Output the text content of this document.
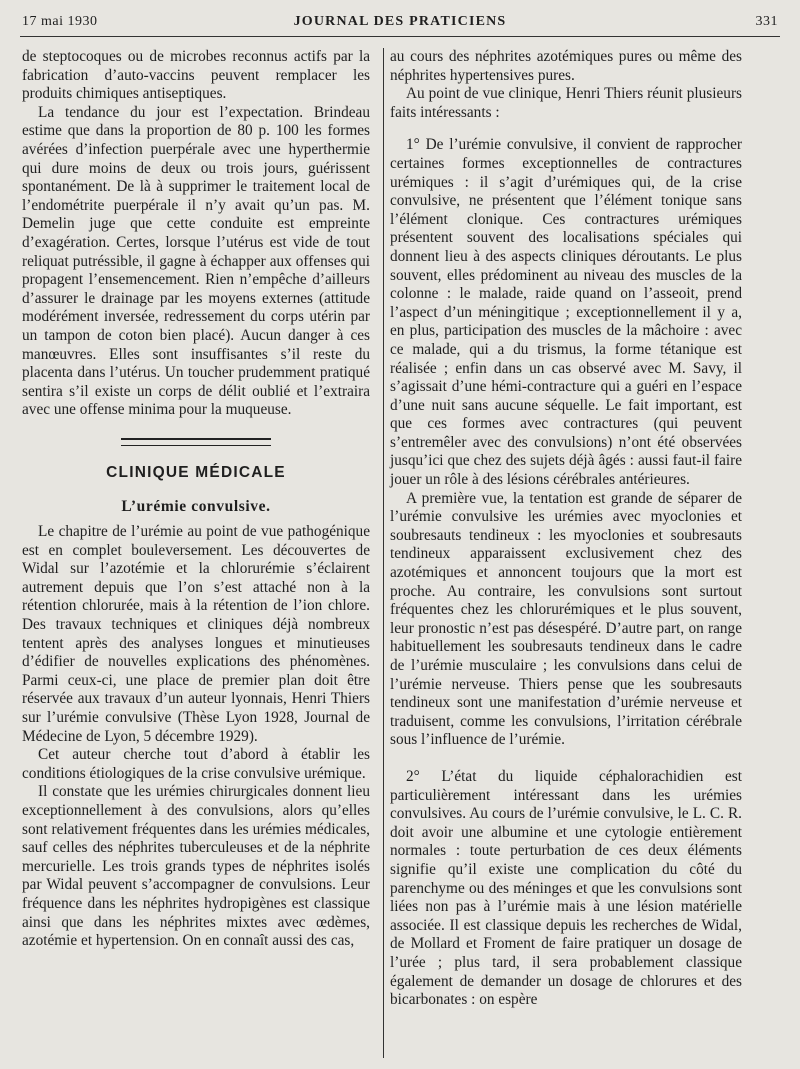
17 mai 1930	JOURNAL DES PRATICIENS	331

de steptocoques ou de microbes reconnus actifs par la fabrication d’auto-vaccins peuvent remplacer les produits chimiques antiseptiques.

La tendance du jour est l’expectation. Brindeau estime que dans la proportion de 80 p. 100 les formes avérées d’infection puerpérale avec une hyperthermie qui dure moins de deux ou trois jours, guérissent spontanément. De là à supprimer le traitement local de l’endométrite puerpérale il n’y avait qu’un pas. M. Demelin juge que cette conduite est empreinte d’exagération. Certes, lorsque l’utérus est vide de tout reliquat putréssible, il gagne à échapper aux offenses qui propagent l’ensemencement. Rien n’empêche d’ailleurs d’assurer le drainage par les moyens externes (attitude modérément inversée, redressement du corps utérin par un tampon de coton bien placé). Aucun danger à ces manœuvres. Elles sont insuffisantes s’il reste du placenta dans l’utérus. Un toucher prudemment pratiqué sentira s’il existe un corps de délit oublié et l’extraira avec une offense minima pour la muqueuse.

CLINIQUE MÉDICALE
L’urémie convulsive.

Le chapitre de l’urémie au point de vue pathogénique est en complet bouleversement. Les découvertes de Widal sur l’azotémie et la chlorurémie s’éclairent autrement depuis que l’on s’est attaché non à la rétention chlorurée, mais à la rétention de l’ion chlore. Des travaux techniques et cliniques déjà nombreux tentent après des analyses longues et minutieuses d’édifier de nouvelles explications des phénomènes. Parmi ceux-ci, une place de premier plan doit être réservée aux travaux d’un auteur lyonnais, Henri Thiers sur l’urémie convulsive (Thèse Lyon 1928, Journal de Médecine de Lyon, 5 décembre 1929).

Cet auteur cherche tout d’abord à établir les conditions étiologiques de la crise convulsive urémique.

Il constate que les urémies chirurgicales donnent lieu exceptionnellement à des convulsions, alors qu’elles sont relativement fréquentes dans les urémies médicales, sauf celles des néphrites tuberculeuses et de la néphrite mercurielle. Les trois grands types de néphrites isolés par Widal peuvent s’accompagner de convulsions. Leur fréquence dans les néphrites hydropigènes est classique ainsi que dans les néphrites mixtes avec œdèmes, azotémie et hypertension. On en connaît aussi des cas,

au cours des néphrites azotémiques pures ou même des néphrites hypertensives pures.

Au point de vue clinique, Henri Thiers réunit plusieurs faits intéressants :

1° De l’urémie convulsive, il convient de rapprocher certaines formes exceptionnelles de contractures urémiques : il s’agit d’urémiques qui, de la crise convulsive, ne présentent que l’élément tonique sans l’élément clonique. Ces contractures urémiques présentent souvent des localisations spéciales qui donnent lieu à des aspects cliniques déroutants. Le plus souvent, elles prédominent au niveau des muscles de la colonne : le malade, raide quand on l’asseoit, prend l’aspect d’un méningitique ; exceptionnellement il y a, en plus, participation des muscles de la mâchoire : avec ce malade, qui a du trismus, la forme tétanique est réalisée ; enfin dans un cas observé avec M. Savy, il s’agissait d’une hémi-contracture qui a guéri en l’espace d’une nuit sans aucune séquelle. Le fait important, est que ces formes avec contractures (qui peuvent s’entremêler avec des convulsions) n’ont été observées jusqu’ici que chez des sujets déjà âgés : aussi faut-il faire jouer un rôle à des lésions cérébrales antérieures.

A première vue, la tentation est grande de séparer de l’urémie convulsive les urémies avec myoclonies et soubresauts tendineux : les myoclonies et soubresauts tendineux apparaissent exclusivement chez des azotémiques et annoncent toujours que la mort est proche. Au contraire, les convulsions sont surtout fréquentes chez les chlorurémiques et le plus souvent, leur pronostic n’est pas désespéré. D’autre part, on range habituellement les soubresauts tendineux dans le cadre de l’urémie musculaire ; les convulsions dans celui de l’urémie nerveuse. Thiers pense que les soubresauts tendineux sont une manifestation d’urémie nerveuse et traduisent, comme les convulsions, l’irritation cérébrale sous l’influence de l’urémie.

2° L’état du liquide céphalorachidien est particulièrement intéressant dans les urémies convulsives. Au cours de l’urémie convulsive, le L. C. R. doit avoir une albumine et une cytologie entièrement normales : toute perturbation de ces deux éléments signifie qu’il existe une complication du côté du parenchyme ou des méninges et que les convulsions sont liées non pas à l’urémie mais à une lésion matérielle associée. Il est classique depuis les recherches de Widal, de Mollard et Froment de faire pratiquer un dosage de l’urée ; plus tard, il sera probablement classique également de demander un dosage de chlorures et des bicarbonates : on espère
